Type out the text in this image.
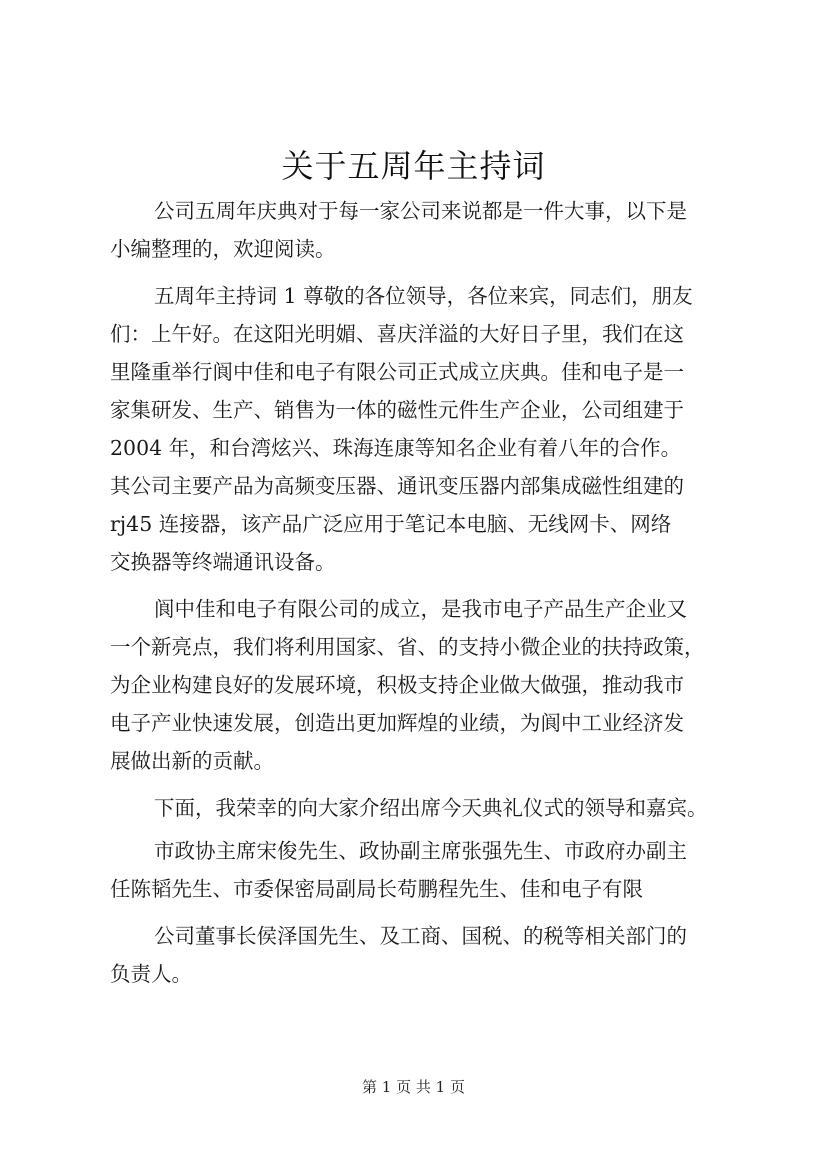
关于五周年主持词
公司五周年庆典对于每一家公司来说都是一件大事，以下是
小编整理的，欢迎阅读。
五周年主持词 1 尊敬的各位领导，各位来宾，同志们，朋友
们：上午好。在这阳光明媚、喜庆洋溢的大好日子里，我们在这
里隆重举行阆中佳和电子有限公司正式成立庆典。佳和电子是一
家集研发、生产、销售为一体的磁性元件生产企业，公司组建于
2004 年，和台湾炫兴、珠海连康等知名企业有着八年的合作。
其公司主要产品为高频变压器、通讯变压器内部集成磁性组建的
rj45 连接器，该产品广泛应用于笔记本电脑、无线网卡、网络
交换器等终端通讯设备。
阆中佳和电子有限公司的成立，是我市电子产品生产企业又
一个新亮点，我们将利用国家、省、的支持小微企业的扶持政策，
为企业构建良好的发展环境，积极支持企业做大做强，推动我市
电子产业快速发展，创造出更加辉煌的业绩，为阆中工业经济发
展做出新的贡献。
下面，我荣幸的向大家介绍出席今天典礼仪式的领导和嘉宾。
市政协主席宋俊先生、政协副主席张强先生、市政府办副主
任陈韬先生、市委保密局副局长苟鹏程先生、佳和电子有限
公司董事长侯泽国先生、及工商、国税、的税等相关部门的
负责人。
第 1 页 共 1 页
